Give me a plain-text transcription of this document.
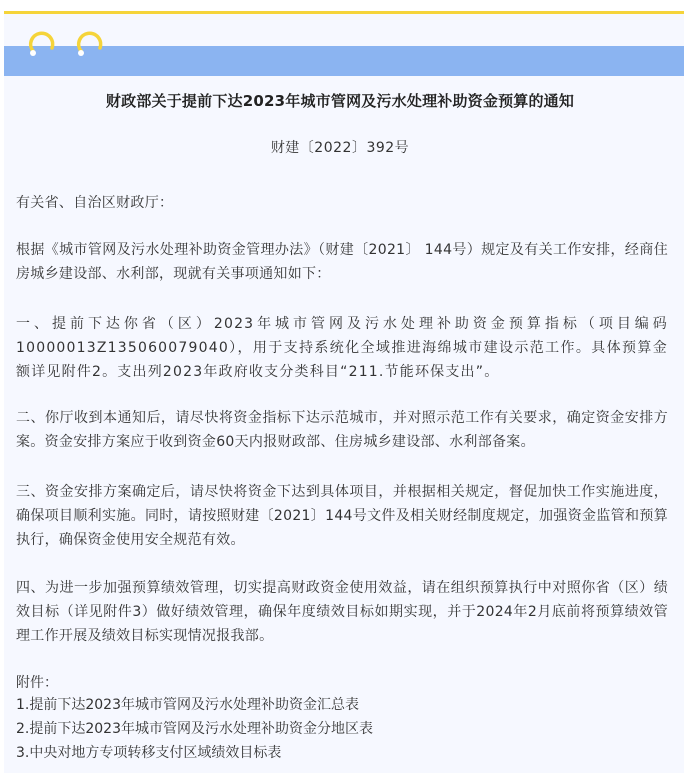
财政部关于提前下达2023年城市管网及污水处理补助资金预算的通知
财建〔2022〕392号

有关省、自治区财政厅：

根据《城市管网及污水处理补助资金管理办法》（财建〔2021〕 144号）规定及有关工作安排，经商住房城乡建设部、水利部，现就有关事项通知如下：

一、提前下达你省（区）2023年城市管网及污水处理补助资金预算指标（项目编码10000013Z135060079040），用于支持系统化全域推进海绵城市建设示范工作。具体预算金额详见附件2。支出列2023年政府收支分类科目“211.节能环保支出”。

二、你厅收到本通知后，请尽快将资金指标下达示范城市，并对照示范工作有关要求，确定资金安排方案。资金安排方案应于收到资金60天内报财政部、住房城乡建设部、水利部备案。

三、资金安排方案确定后，请尽快将资金下达到具体项目，并根据相关规定，督促加快工作实施进度，确保项目顺利实施。同时，请按照财建〔2021〕144号文件及相关财经制度规定，加强资金监管和预算执行，确保资金使用安全规范有效。

四、为进一步加强预算绩效管理，切实提高财政资金使用效益，请在组织预算执行中对照你省（区）绩效目标（详见附件3）做好绩效管理，确保年度绩效目标如期实现，并于2024年2月底前将预算绩效管理工作开展及绩效目标实现情况报我部。

附件：

1.提前下达2023年城市管网及污水处理补助资金汇总表
2.提前下达2023年城市管网及污水处理补助资金分地区表
3.中央对地方专项转移支付区域绩效目标表
